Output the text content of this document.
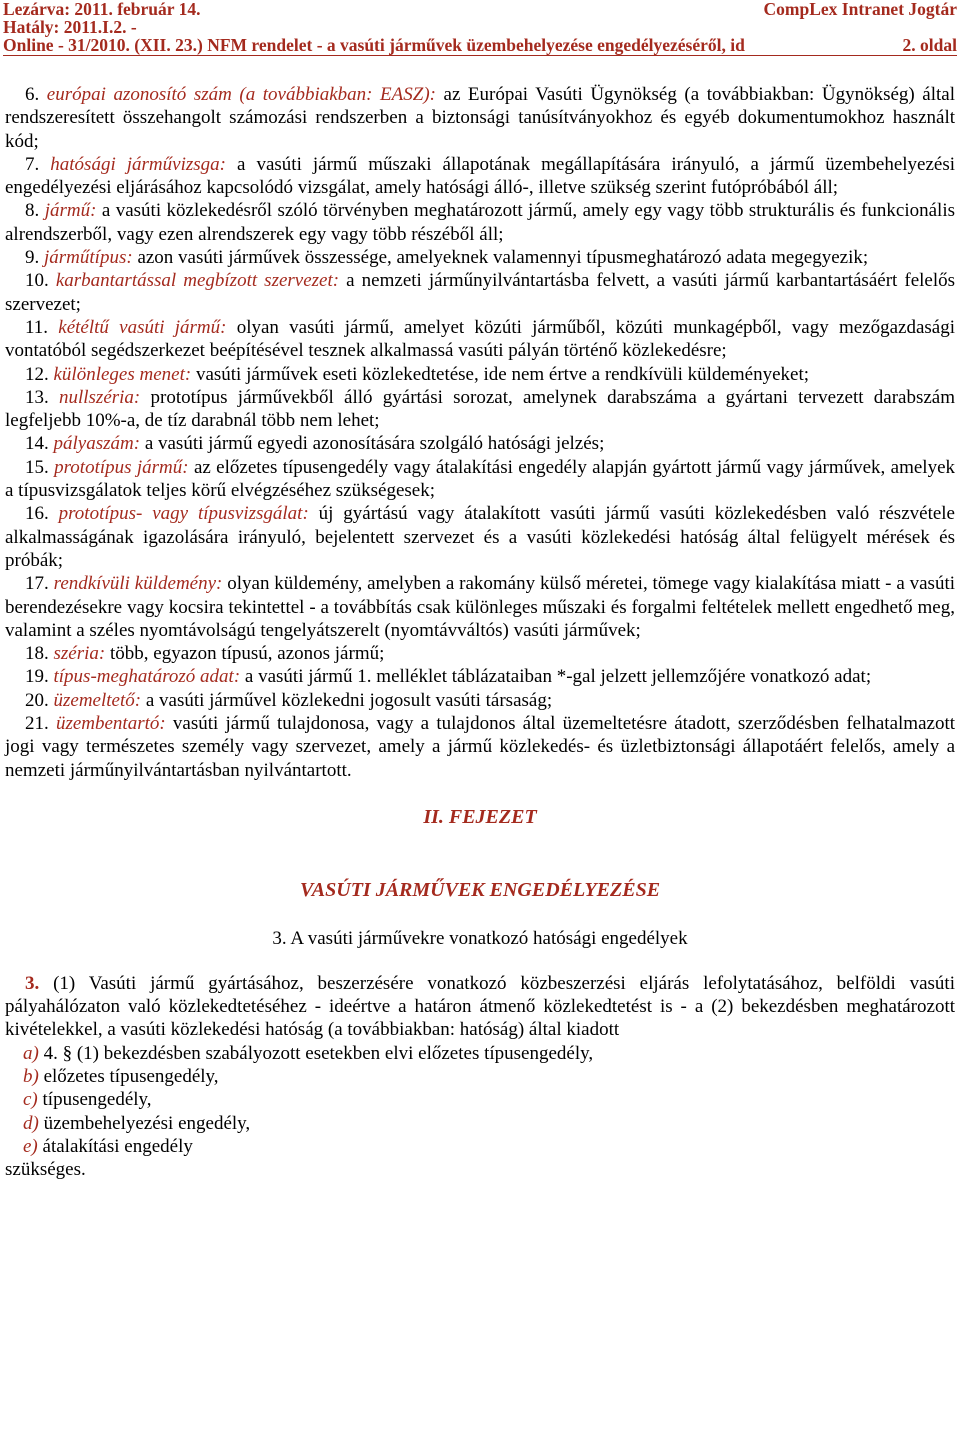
Lezárva: 2011. február 14.	CompLex Intranet Jogtár
Hatály: 2011.I.2. -
Online - 31/2010. (XII. 23.) NFM rendelet - a vasúti járművek üzembehelyezése engedélyezéséről, id	2. oldal

6. európai azonosító szám (a továbbiakban: EASZ): az Európai Vasúti Ügynökség (a továbbiakban: Ügynökség) által rendszeresített összehangolt számozási rendszerben a biztonsági tanúsítványokhoz és egyéb dokumentumokhoz használt kód;

7. hatósági járművizsga: a vasúti jármű műszaki állapotának megállapítására irányuló, a jármű üzembehelyezési engedélyezési eljárásához kapcsolódó vizsgálat, amely hatósági álló-, illetve szükség szerint futópróbából áll;

8. jármű: a vasúti közlekedésről szóló törvényben meghatározott jármű, amely egy vagy több strukturális és funkcionális alrendszerből, vagy ezen alrendszerek egy vagy több részéből áll;

9. járműtípus: azon vasúti járművek összessége, amelyeknek valamennyi típusmeghatározó adata megegyezik;

10. karbantartással megbízott szervezet: a nemzeti járműnyilvántartásba felvett, a vasúti jármű karbantartásáért felelős szervezet;

11. kétéltű vasúti jármű: olyan vasúti jármű, amelyet közúti járműből, közúti munkagépből, vagy mezőgazdasági vontatóból segédszerkezet beépítésével tesznek alkalmassá vasúti pályán történő közlekedésre;

12. különleges menet: vasúti járművek eseti közlekedtetése, ide nem értve a rendkívüli küldeményeket;

13. nullszéria: prototípus járművekből álló gyártási sorozat, amelynek darabszáma a gyártani tervezett darabszám legfeljebb 10%-a, de tíz darabnál több nem lehet;

14. pályaszám: a vasúti jármű egyedi azonosítására szolgáló hatósági jelzés;

15. prototípus jármű: az előzetes típusengedély vagy átalakítási engedély alapján gyártott jármű vagy járművek, amelyek a típusvizsgálatok teljes körű elvégzéséhez szükségesek;

16. prototípus- vagy típusvizsgálat: új gyártású vagy átalakított vasúti jármű vasúti közlekedésben való részvétele alkalmasságának igazolására irányuló, bejelentett szervezet és a vasúti közlekedési hatóság által felügyelt mérések és próbák;

17. rendkívüli küldemény: olyan küldemény, amelyben a rakomány külső méretei, tömege vagy kialakítása miatt - a vasúti berendezésekre vagy kocsira tekintettel - a továbbítás csak különleges műszaki és forgalmi feltételek mellett engedhető meg, valamint a széles nyomtávolságú tengelyátszerelt (nyomtávváltós) vasúti járművek;

18. széria: több, egyazon típusú, azonos jármű;

19. típus-meghatározó adat: a vasúti jármű 1. melléklet táblázataiban *-gal jelzett jellemzőjére vonatkozó adat;

20. üzemeltető: a vasúti járművel közlekedni jogosult vasúti társaság;

21. üzembentartó: vasúti jármű tulajdonosa, vagy a tulajdonos által üzemeltetésre átadott, szerződésben felhatalmazott jogi vagy természetes személy vagy szervezet, amely a jármű közlekedés- és üzletbiztonsági állapotáért felelős, amely a nemzeti járműnyilvántartásban nyilvántartott.

II. FEJEZET

VASÚTI JÁRMŰVEK ENGEDÉLYEZÉSE

3. A vasúti járművekre vonatkozó hatósági engedélyek

3. (1) Vasúti jármű gyártásához, beszerzésére vonatkozó közbeszerzési eljárás lefolytatásához, belföldi vasúti pályahálózaton való közlekedtetéséhez - ideértve a határon átmenő közlekedtetést is - a (2) bekezdésben meghatározott kivételekkel, a vasúti közlekedési hatóság (a továbbiakban: hatóság) által kiadott

a) 4. § (1) bekezdésben szabályozott esetekben elvi előzetes típusengedély,

b) előzetes típusengedély,

c) típusengedély,

d) üzembehelyezési engedély,

e) átalakítási engedély

szükséges.
